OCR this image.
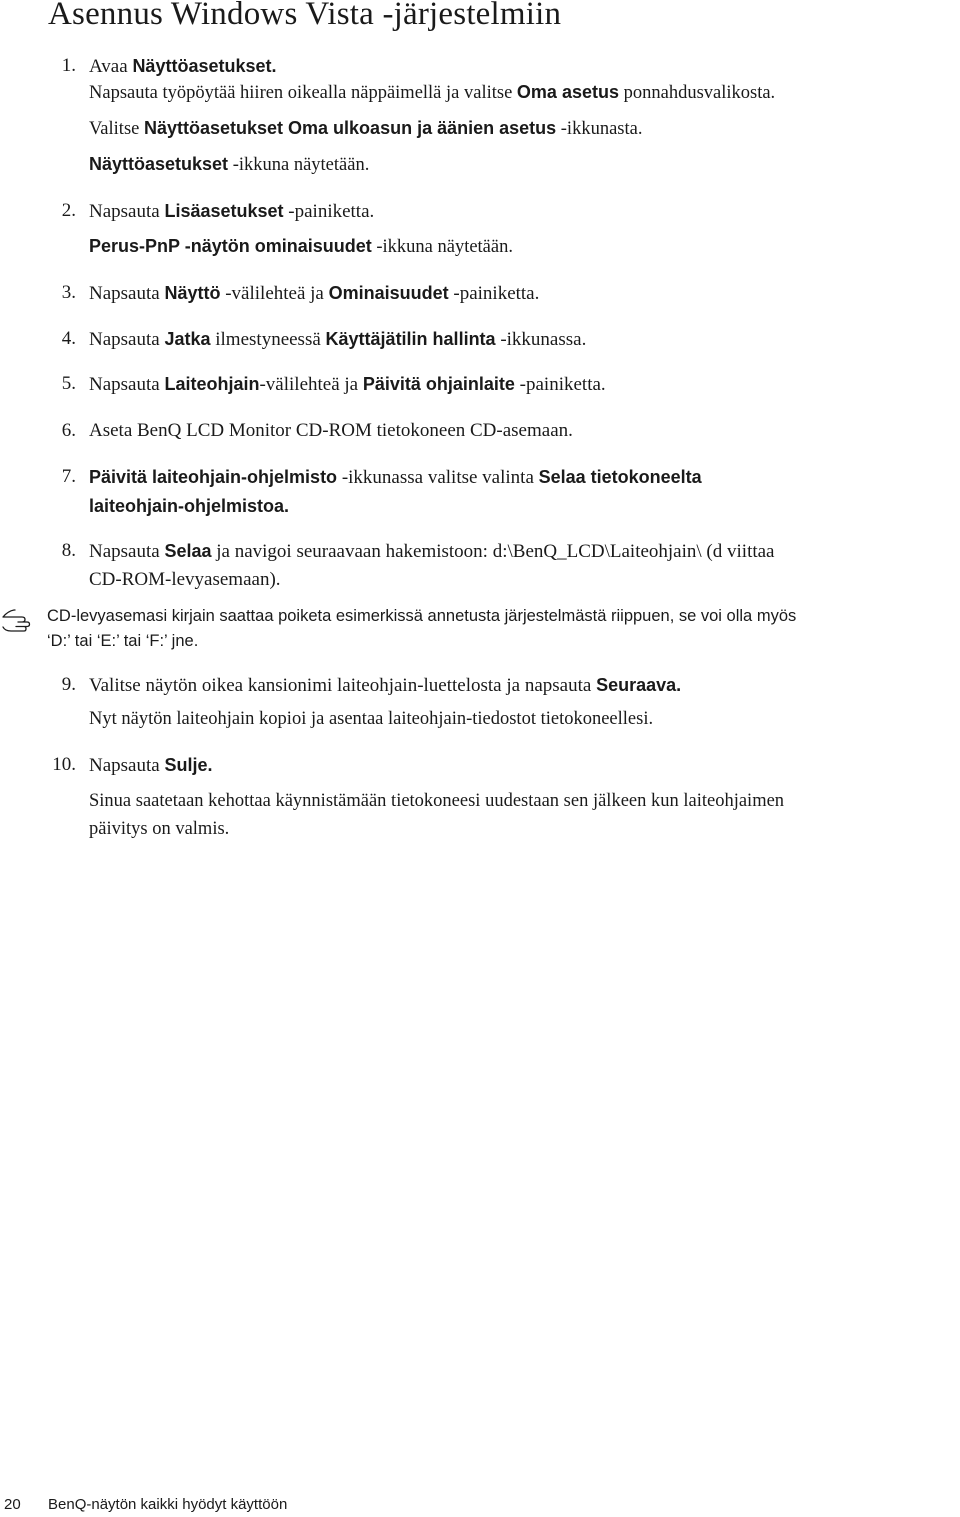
Asennus Windows Vista -järjestelmiin
1. Avaa Näyttöasetukset.
Napsauta työpöytää hiiren oikealla näppäimellä ja valitse Oma asetus ponnahdusvalikosta.
Valitse Näyttöasetukset Oma ulkoasun ja äänien asetus -ikkunasta.
Näyttöasetukset -ikkuna näytetään.
2. Napsauta Lisäasetukset -painiketta.
Perus-PnP -näytön ominaisuudet -ikkuna näytetään.
3. Napsauta Näyttö -välilehteä ja Ominaisuudet -painiketta.
4. Napsauta Jatka ilmestyneessä Käyttäjätilin hallinta -ikkunassa.
5. Napsauta Laiteohjain-välilehteä ja Päivitä ohjainlaite -painiketta.
6. Aseta BenQ LCD Monitor CD-ROM tietokoneen CD-asemaan.
7. Päivitä laiteohjain-ohjelmisto -ikkunassa valitse valinta Selaa tietokoneelta
laiteohjain-ohjelmistoa.
8. Napsauta Selaa ja navigoi seuraavaan hakemistoon: d:\BenQ_LCD\Laiteohjain\ (d viittaa
CD-ROM-levyasemaan).
CD-levyasemasi kirjain saattaa poiketa esimerkissä annetusta järjestelmästä riippuen, se voi olla myös
‘D:’ tai ‘E:’ tai ‘F:’ jne.
9. Valitse näytön oikea kansionimi laiteohjain-luettelosta ja napsauta Seuraava.
Nyt näytön laiteohjain kopioi ja asentaa laiteohjain-tiedostot tietokoneellesi.
10. Napsauta Sulje.
Sinua saatetaan kehottaa käynnistämään tietokoneesi uudestaan sen jälkeen kun laiteohjaimen
päivitys on valmis.
20 BenQ-näytön kaikki hyödyt käyttöön
